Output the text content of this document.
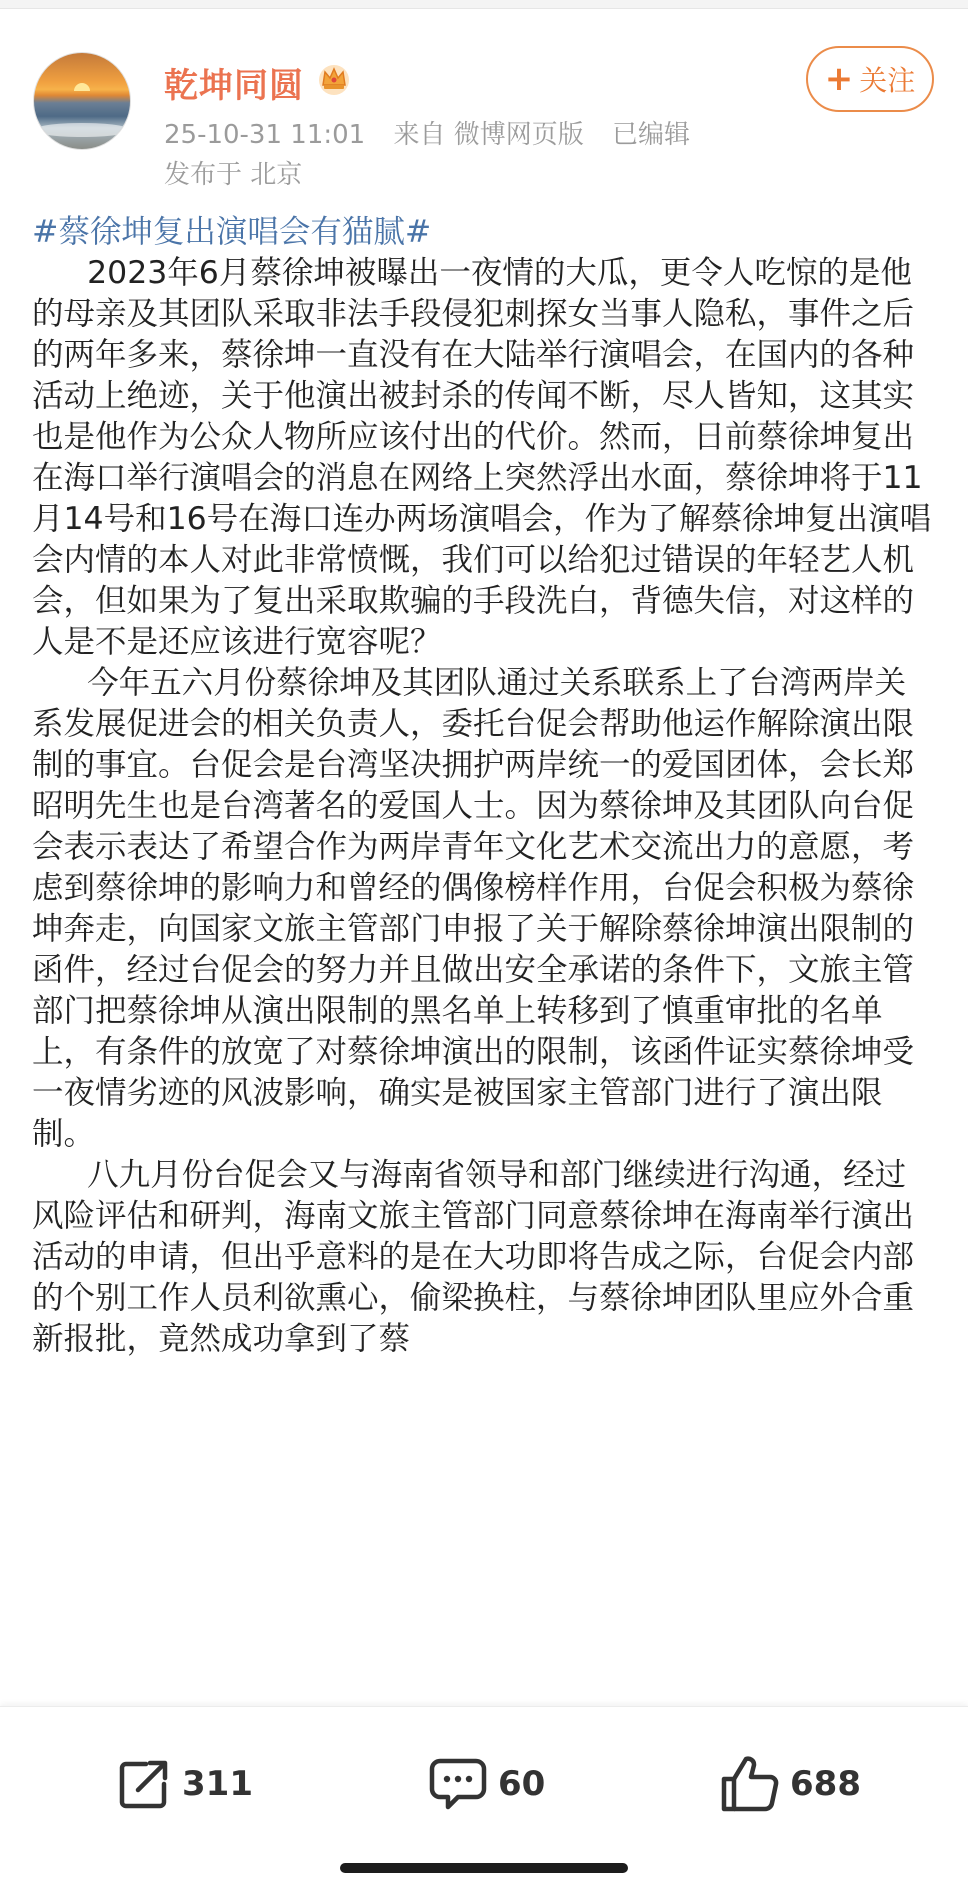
乾坤同圆
25-10-31 11:01 来自 微博网页版 已编辑
发布于 北京
+ 关注
#蔡徐坤复出演唱会有猫腻#

2023年6月蔡徐坤被曝出一夜情的大瓜，更令人吃惊的是他的母亲及其团队采取非法手段侵犯刺探女当事人隐私，事件之后的两年多来，蔡徐坤一直没有在大陆举行演唱会，在国内的各种活动上绝迹，关于他演出被封杀的传闻不断，尽人皆知，这其实也是他作为公众人物所应该付出的代价。然而，日前蔡徐坤复出在海口举行演唱会的消息在网络上突然浮出水面，蔡徐坤将于11月14号和16号在海口连办两场演唱会，作为了解蔡徐坤复出演唱会内情的本人对此非常愤慨，我们可以给犯过错误的年轻艺人机会，但如果为了复出采取欺骗的手段洗白，背德失信，对这样的人是不是还应该进行宽容呢？

今年五六月份蔡徐坤及其团队通过关系联系上了台湾两岸关系发展促进会的相关负责人，委托台促会帮助他运作解除演出限制的事宜。台促会是台湾坚决拥护两岸统一的爱国团体，会长郑昭明先生也是台湾著名的爱国人士。因为蔡徐坤及其团队向台促会表示表达了希望合作为两岸青年文化艺术交流出力的意愿，考虑到蔡徐坤的影响力和曾经的偶像榜样作用，台促会积极为蔡徐坤奔走，向国家文旅主管部门申报了关于解除蔡徐坤演出限制的函件，经过台促会的努力并且做出安全承诺的条件下，文旅主管部门把蔡徐坤从演出限制的黑名单上转移到了慎重审批的名单上，有条件的放宽了对蔡徐坤演出的限制，该函件证实蔡徐坤受一夜情劣迹的风波影响，确实是被国家主管部门进行了演出限制。

八九月份台促会又与海南省领导和部门继续进行沟通，经过风险评估和研判，海南文旅主管部门同意蔡徐坤在海南举行演出活动的申请，但出乎意料的是在大功即将告成之际，台促会内部的个别工作人员利欲熏心，偷梁换柱，与蔡徐坤团队里应外合重新报批，竟然成功拿到了蔡

311	60	688
